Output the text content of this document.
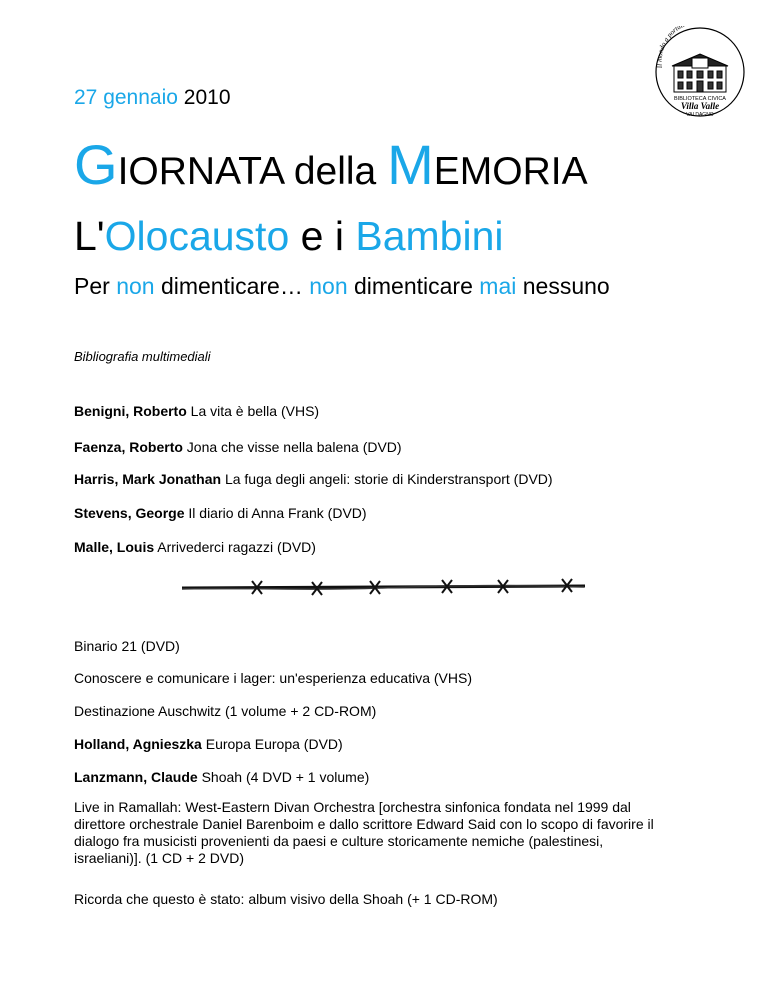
Il mondo a porta
BIBLIOTECA CIVICA
Villa Valle
VALDAGNO
27 gennaio 2010
GIORNATA della MEMORIA
L'Olocausto e i Bambini
Per non dimenticare… non dimenticare mai nessuno
Bibliografia multimediali
Benigni, Roberto La vita è bella (VHS)
Faenza, Roberto Jona che visse nella balena (DVD)
Harris, Mark Jonathan La fuga degli angeli: storie di Kinderstransport (DVD)
Stevens, George Il diario di Anna Frank (DVD)
Malle, Louis Arrivederci ragazzi (DVD)
Binario 21 (DVD)
Conoscere e comunicare i lager: un'esperienza educativa (VHS)
Destinazione Auschwitz (1 volume + 2 CD-ROM)
Holland, Agnieszka Europa Europa (DVD)
Lanzmann, Claude Shoah (4 DVD + 1 volume)
Live in Ramallah: West-Eastern Divan Orchestra [orchestra sinfonica fondata nel 1999 dal direttore orchestrale Daniel Barenboim e dallo scrittore Edward Said con lo scopo di favorire il dialogo fra musicisti provenienti da paesi e culture storicamente nemiche (palestinesi, israeliani)]. (1 CD + 2 DVD)
Ricorda che questo è stato: album visivo della Shoah (+ 1 CD-ROM)
